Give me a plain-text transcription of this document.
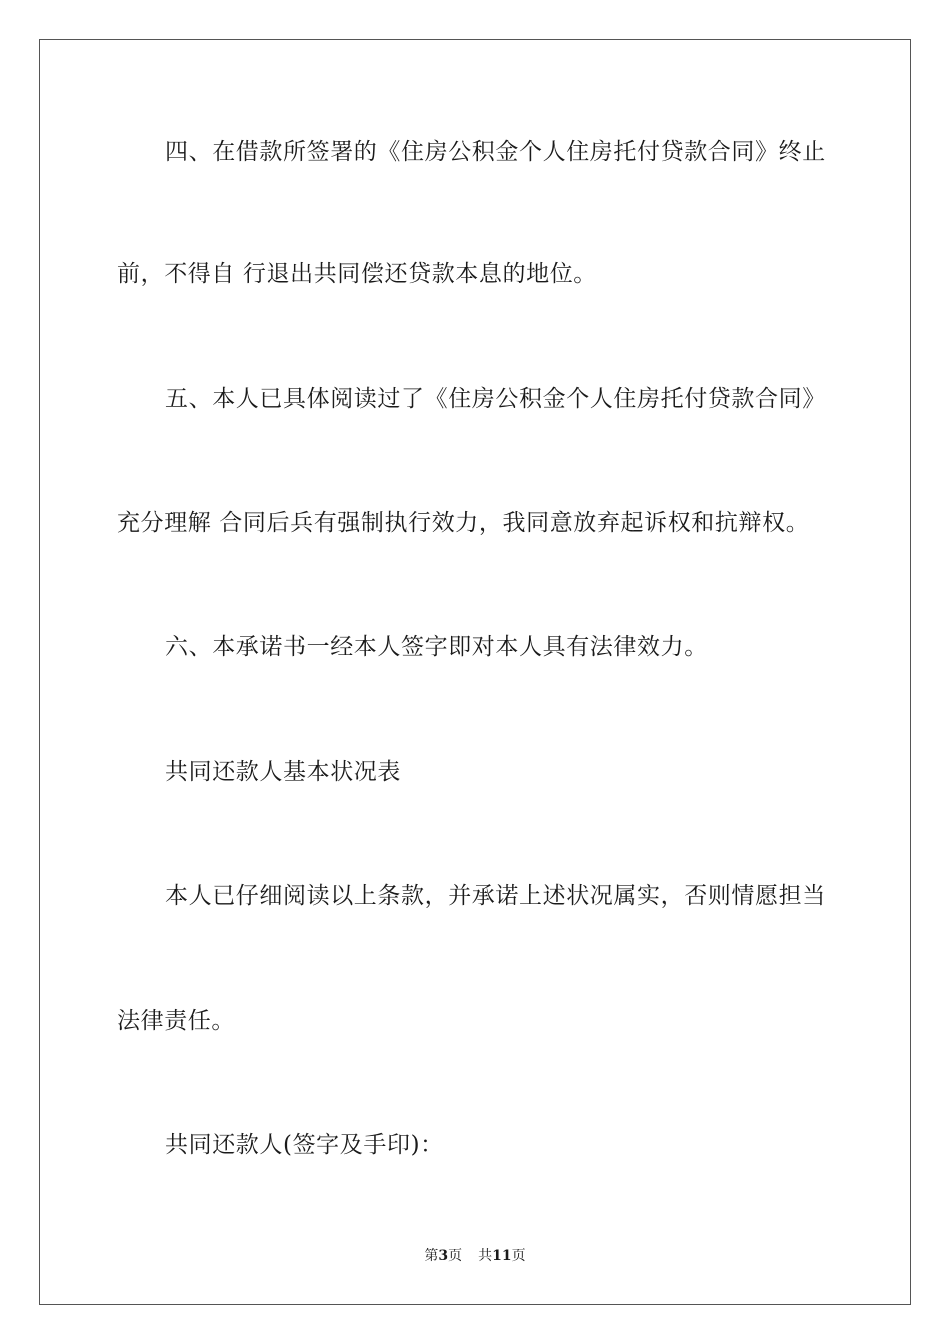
四、在借款所签署的《住房公积金个人住房托付贷款合同》终止
前，不得自 行退出共同偿还贷款本息的地位。
五、本人已具体阅读过了《住房公积金个人住房托付贷款合同》
充分理解 合同后兵有强制执行效力，我同意放弃起诉权和抗辩权。
六、本承诺书一经本人签字即对本人具有法律效力。
共同还款人基本状况表
本人已仔细阅读以上条款，并承诺上述状况属实，否则情愿担当
法律责任。
共同还款人(签字及手印)：
第3页 共11页
